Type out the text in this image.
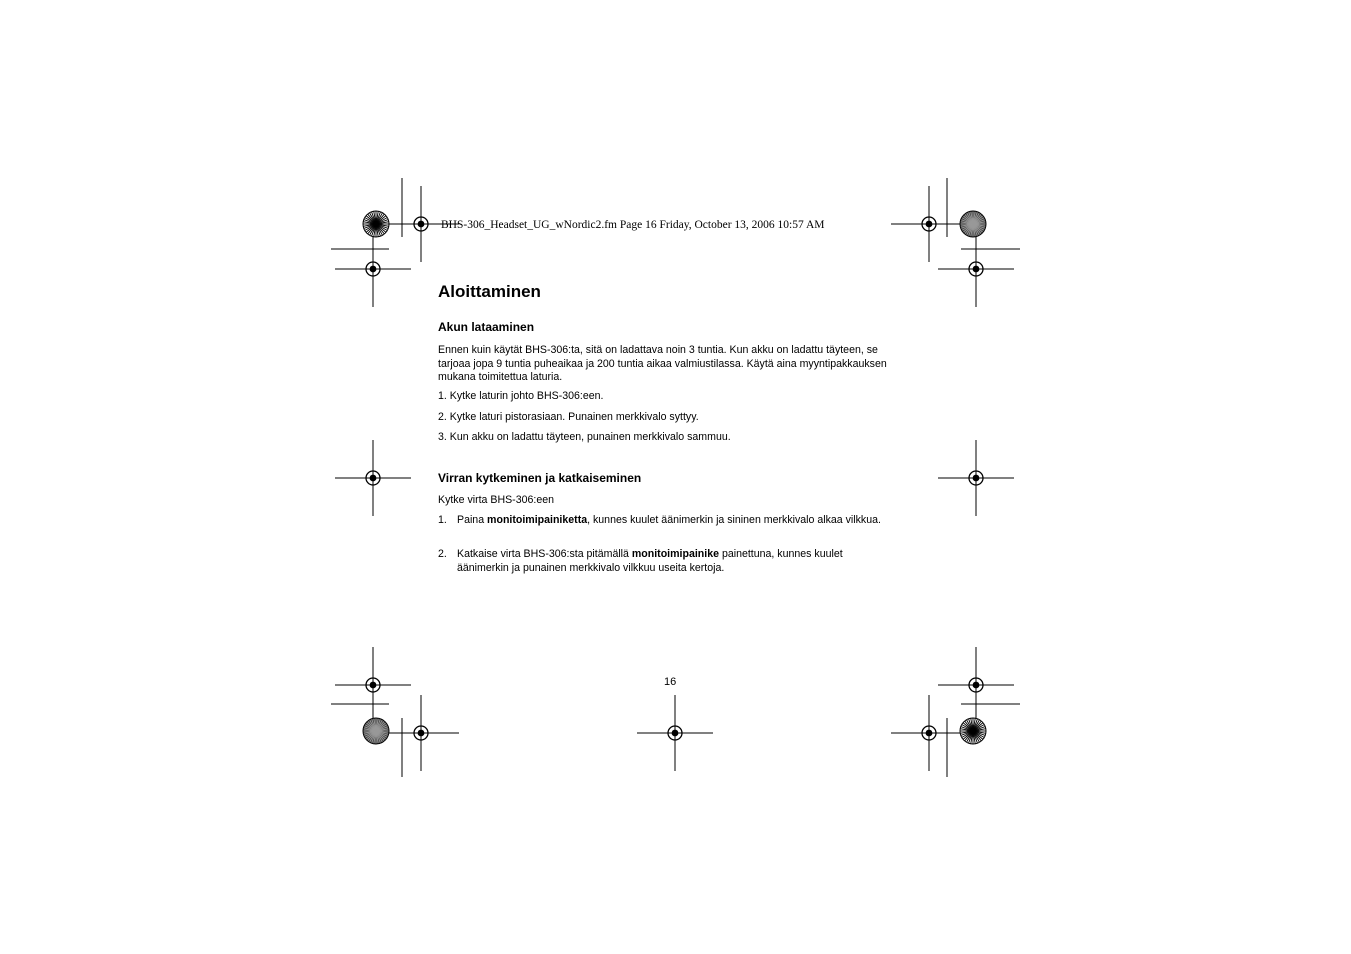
BHS-306_Headset_UG_wNordic2.fm Page 16 Friday, October 13, 2006 10:57 AM
Aloittaminen
Akun lataaminen

Ennen kuin käytät BHS-306:ta, sitä on ladattava noin 3 tuntia. Kun akku on ladattu täyteen, se tarjoaa jopa 9 tuntia puheaikaa ja 200 tuntia aikaa valmiustilassa. Käytä aina myyntipakkauksen mukana toimitettua laturia.

1. Kytke laturin johto BHS-306:een.

2. Kytke laturi pistorasiaan. Punainen merkkivalo syttyy.

3. Kun akku on ladattu täyteen, punainen merkkivalo sammuu.

Virran kytkeminen ja katkaiseminen

Kytke virta BHS-306:een

1. Paina monitoimipainiketta, kunnes kuulet äänimerkin ja sininen merkkivalo alkaa vilkkua.

2. Katkaise virta BHS-306:sta pitämällä monitoimipainike painettuna, kunnes kuulet äänimerkin ja punainen merkkivalo vilkkuu useita kertoja.

16
